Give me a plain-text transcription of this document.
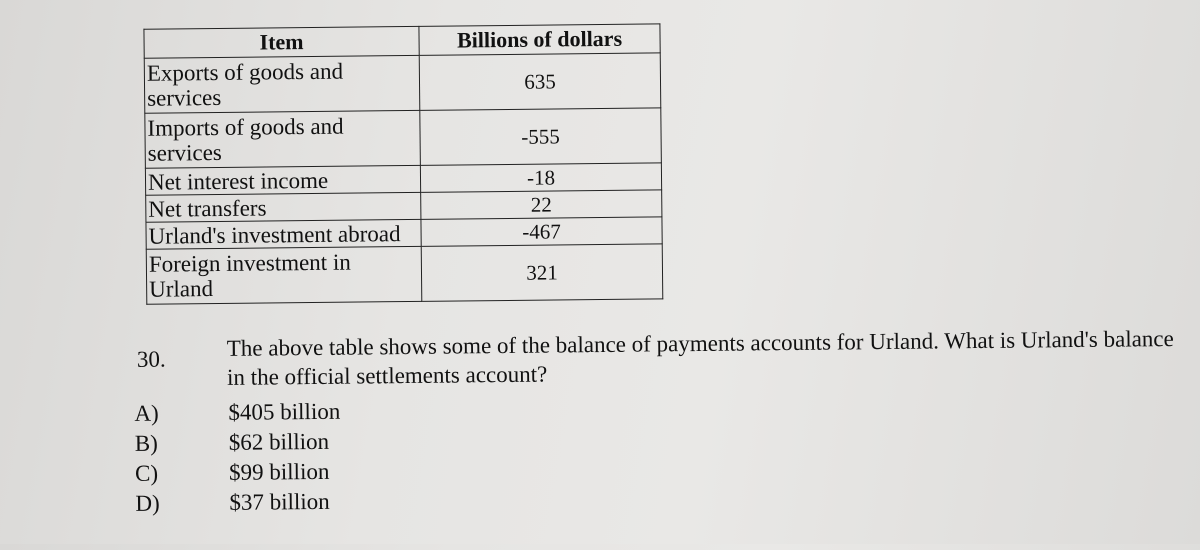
Item	Billions of dollars
Exports of goods and services	635
Imports of goods and services	-555
Net interest income	-18
Net transfers	22
Urland's investment abroad	-467
Foreign investment in Urland	321
30.	The above table shows some of the balance of payments accounts for Urland. What is Urland's balance in the official settlements account?
A)	$405 billion
B)	$62 billion
C)	$99 billion
D)	$37 billion
